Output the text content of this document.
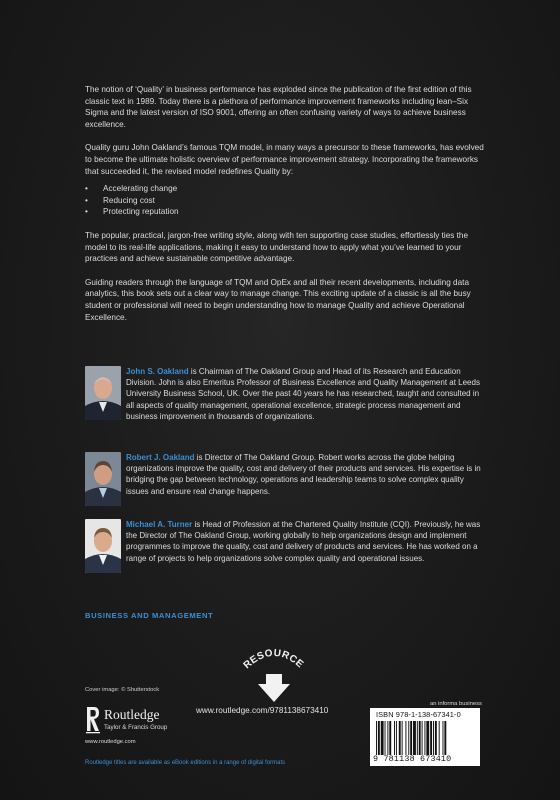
The notion of ‘Quality’ in business performance has exploded since the publication of the first edition of this classic text in 1989. Today there is a plethora of performance improvement frameworks including lean–Six Sigma and the latest version of ISO 9001, offering an often confusing variety of ways to achieve business excellence.

Quality guru John Oakland’s famous TQM model, in many ways a precursor to these frameworks, has evolved to become the ultimate holistic overview of performance improvement strategy. Incorporating the frameworks that succeeded it, the revised model redefines Quality by:

• Accelerating change
• Reducing cost
• Protecting reputation

The popular, practical, jargon-free writing style, along with ten supporting case studies, effortlessly ties the model to its real-life applications, making it easy to understand how to apply what you’ve learned to your practices and achieve sustainable competitive advantage.

Guiding readers through the language of TQM and OpEx and all their recent developments, including data analytics, this book sets out a clear way to manage change. This exciting update of a classic is all the busy student or professional will need to begin understanding how to manage Quality and achieve Operational Excellence.

John S. Oakland is Chairman of The Oakland Group and Head of its Research and Education Division. John is also Emeritus Professor of Business Excellence and Quality Management at Leeds University Business School, UK. Over the past 40 years he has researched, taught and consulted in all aspects of quality management, operational excellence, strategic process management and business improvement in thousands of organizations.
Robert J. Oakland is Director of The Oakland Group. Robert works across the globe helping organizations improve the quality, cost and delivery of their products and services. His expertise is in bridging the gap between technology, operations and leadership teams to solve complex quality issues and ensure real change happens.
Michael A. Turner is Head of Profession at the Chartered Quality Institute (CQI). Previously, he was the Director of The Oakland Group, working globally to help organizations design and implement programmes to improve the quality, cost and delivery of products and services. He has worked on a range of projects to help organizations solve complex quality and operational issues.
BUSINESS AND MANAGEMENT
RESOURCE
www.routledge.com/9781138673410
Cover image: © Shutterstock
Routledge
Taylor & Francis Group
www.routledge.com
Routledge titles are available as eBook editions in a range of digital formats
an informa business
ISBN 978-1-138-67341-0
9 781138 673410
